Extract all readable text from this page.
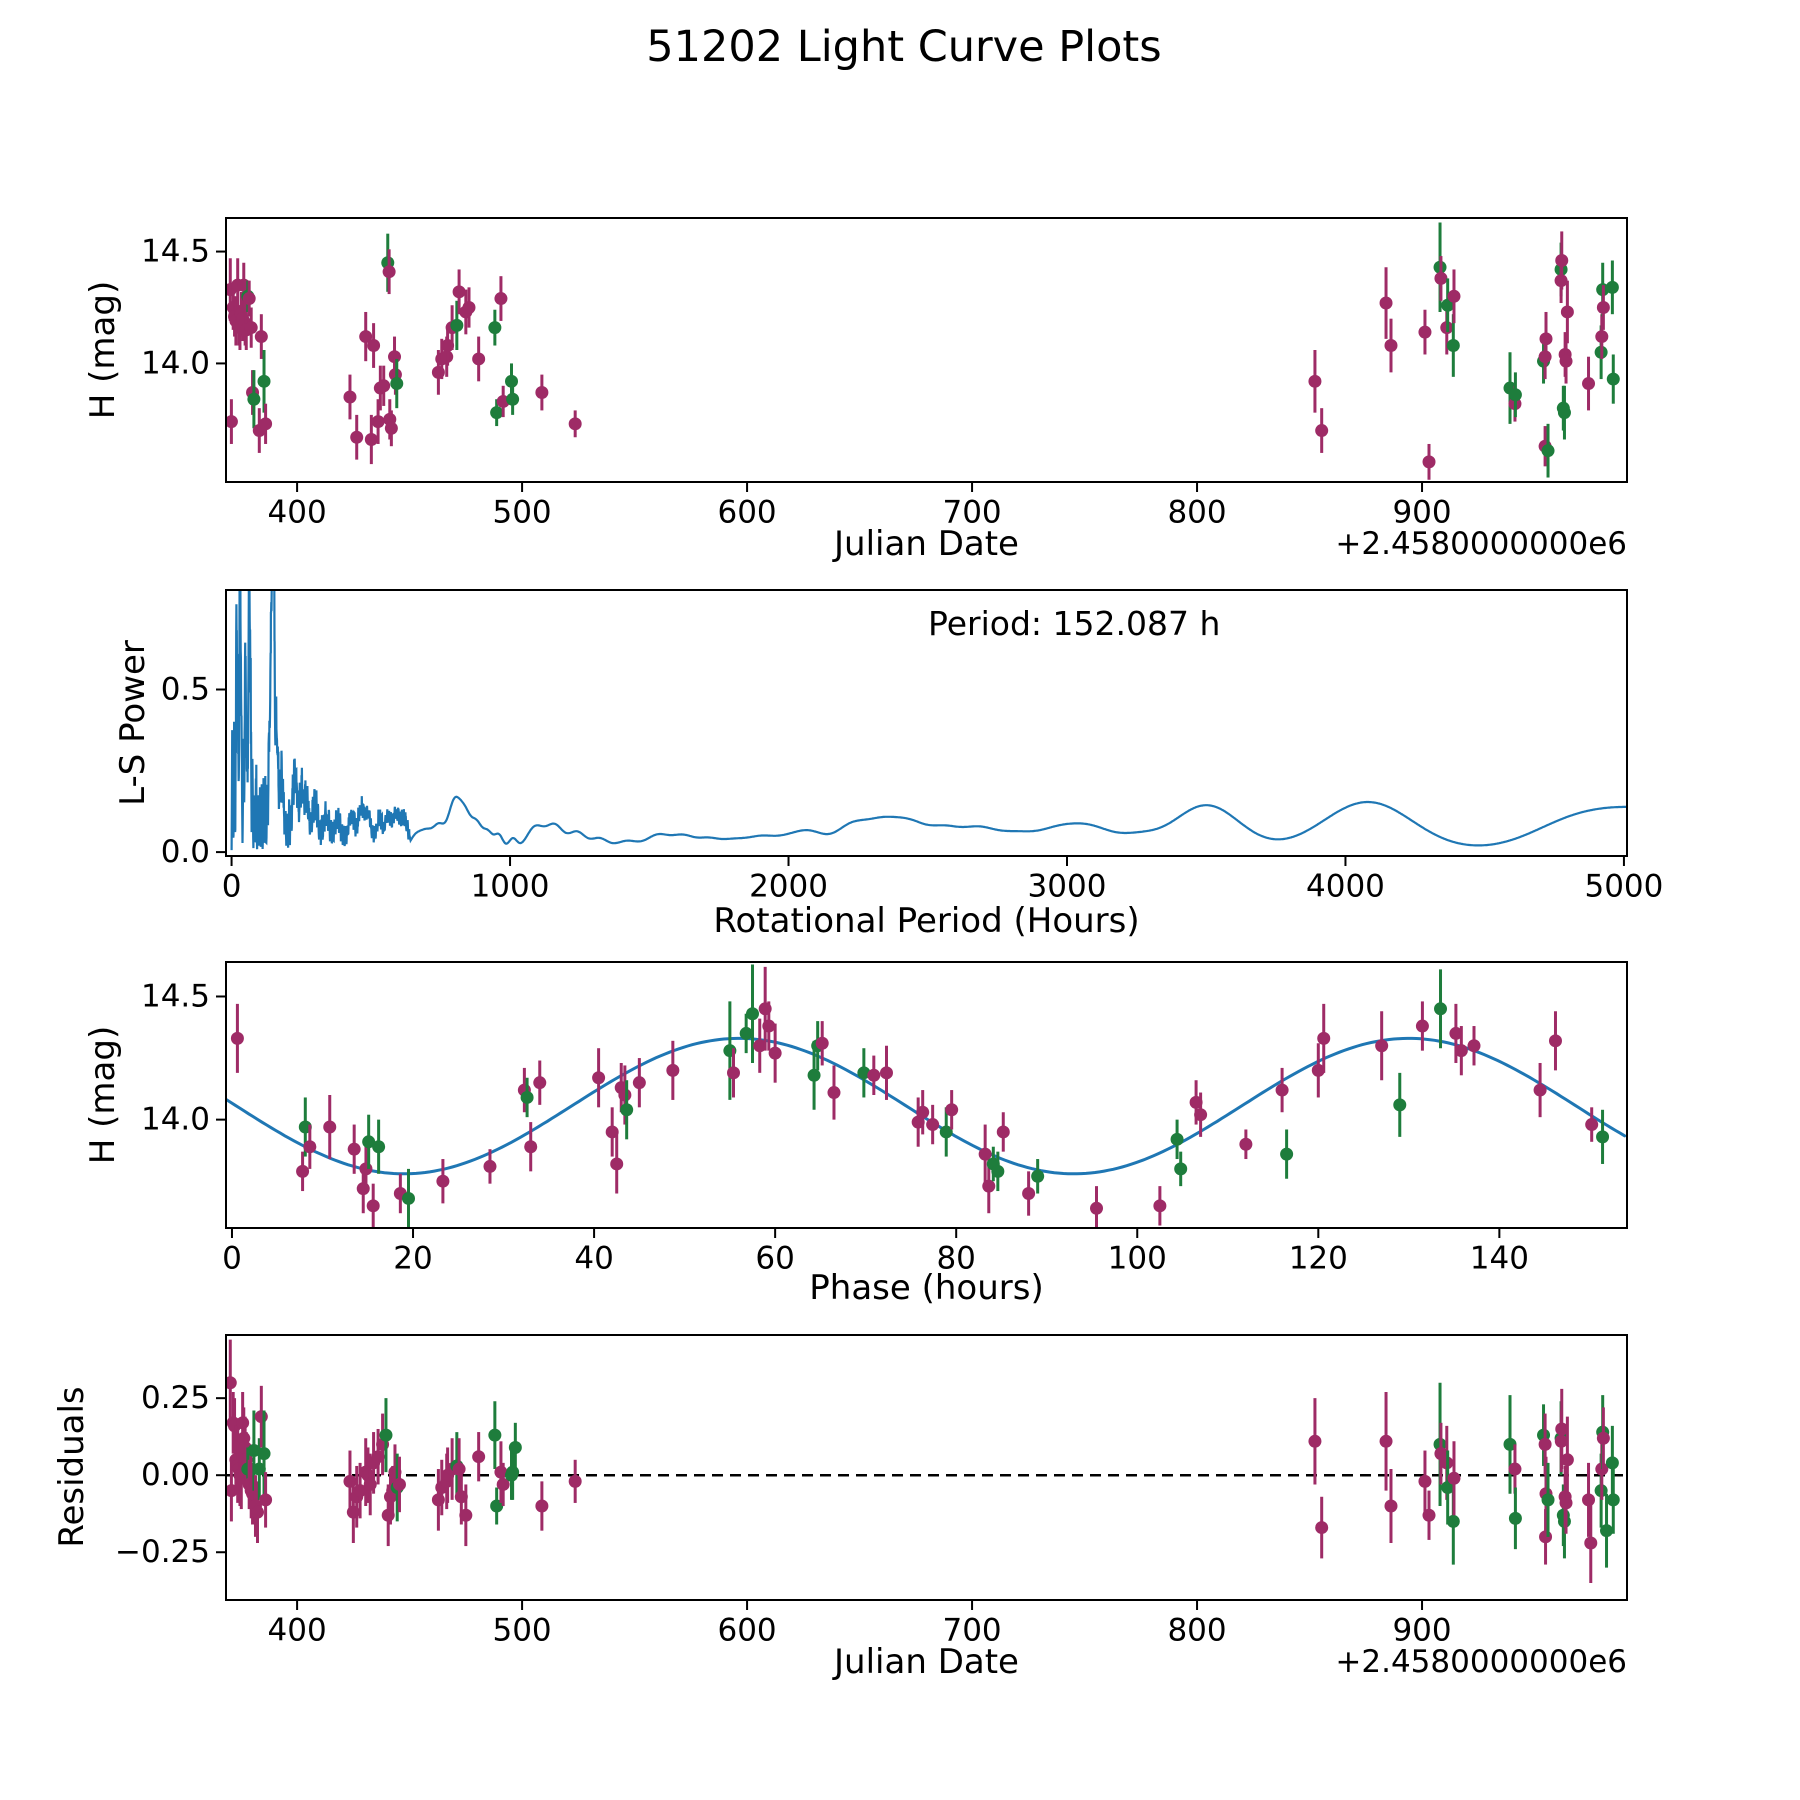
51202 Light Curve Plots
400	500	600	700	800	900
14.0
14.5
0	1000	2000	3000	4000	5000
0.0
0.5
0	20	40	60	80	100	120	140
14.0
14.5
400	500	600	700	800	900
−0.25
0.00
0.25
H (mag)
Julian Date	+2.4580000000e6
L-S Power
Rotational Period (Hours)
Period: 152.087 h
H (mag)
Phase (hours)
Residuals
Julian Date	+2.4580000000e6
